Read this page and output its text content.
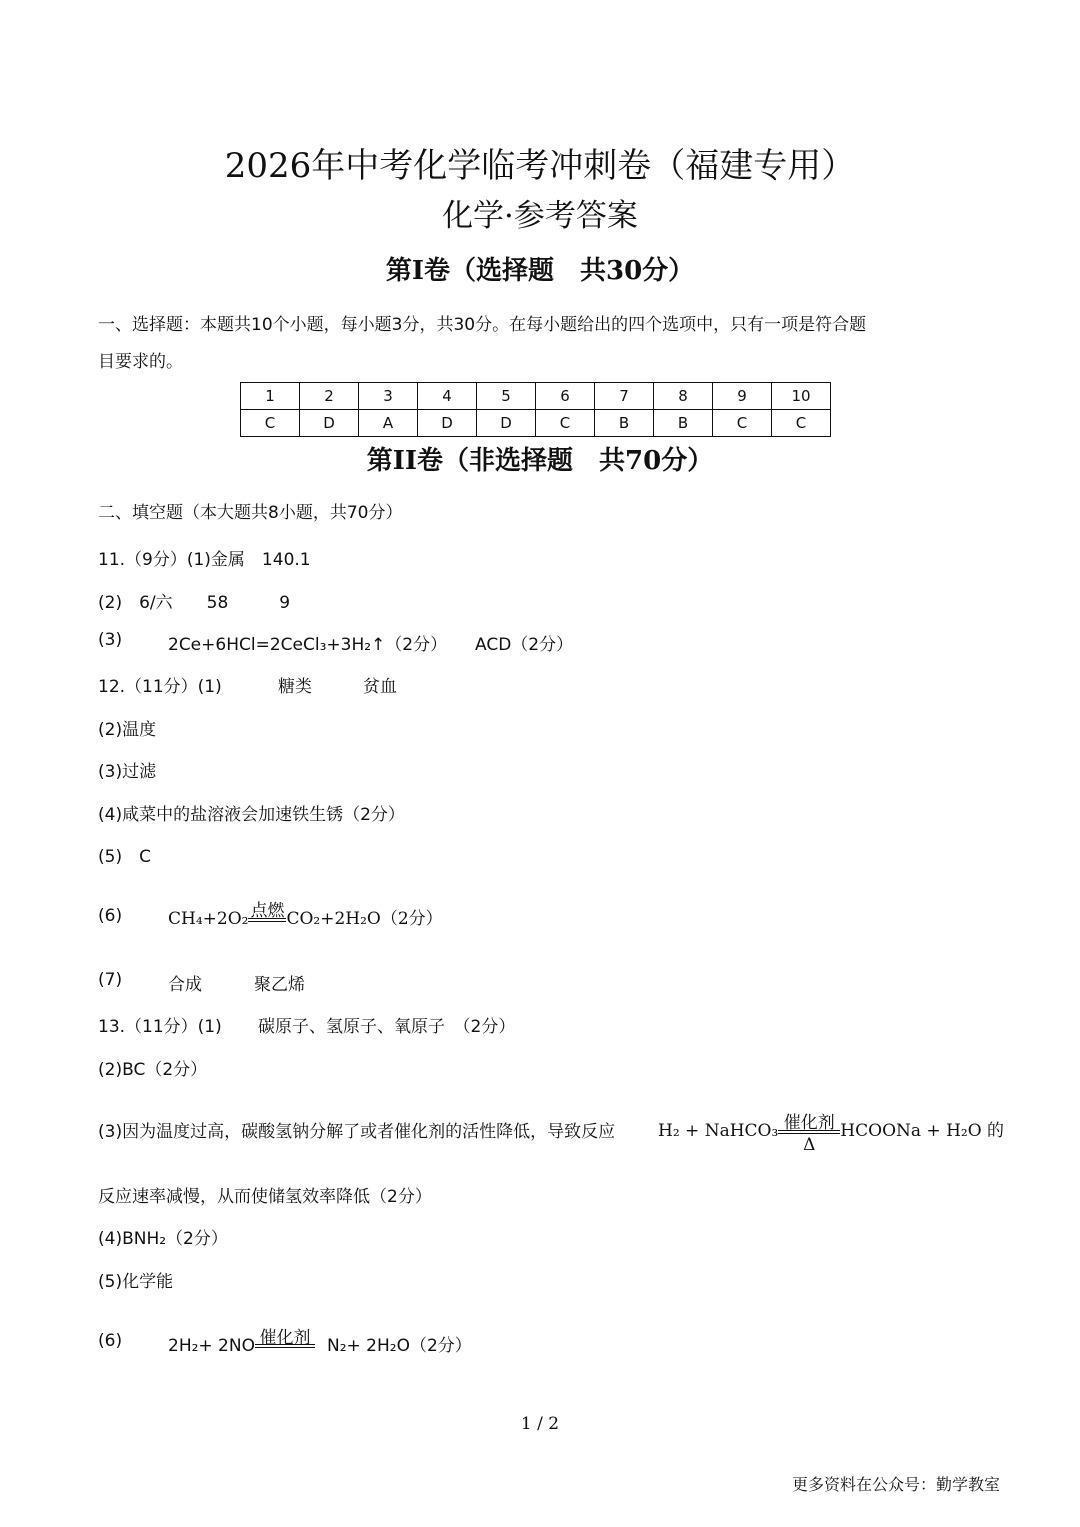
2026年中考化学临考冲刺卷（福建专用）
化学·参考答案
第I卷（选择题　共30分）
一、选择题：本题共10个小题，每小题3分，共30分。在每小题给出的四个选项中，只有一项是符合题
目要求的。
1	2	3	4	5	6	7	8	9	10
C	D	A	D	D	C	B	B	C	C
第II卷（非选择题　共70分）
二、填空题（本大题共8小题，共70分）
11.（9分）(1)金属　140.1
(2)　6/六　　58　　　9
(3)	2Ce+6HCl=2CeCl₃+3H₂↑（2分） ACD（2分）
12.（11分）(1)	糖类	贫血
(2)温度
(3)过滤
(4)咸菜中的盐溶液会加速铁生锈（2分）
(5)　C
(6)	CH₄+2O₂ 点燃 CO₂+2H₂O（2分）
(7)	合成	聚乙烯
13.（11分）(1) 碳原子、氢原子、氧原子　（2分）
(2)BC（2分）
(3)因为温度过高，碳酸氢钠分解了或者催化剂的活性降低，导致反应	H₂ + NaHCO₃ 催化剂
Δ
HCOONa + H₂O 的
反应速率减慢，从而使储氢效率降低（2分）
(4)BNH₂（2分）
(5)化学能
(6)	2H₂+ 2NO 催化剂 N₂+ 2H₂O（2分）
1 / 2
更多资料在公众号：勤学教室
